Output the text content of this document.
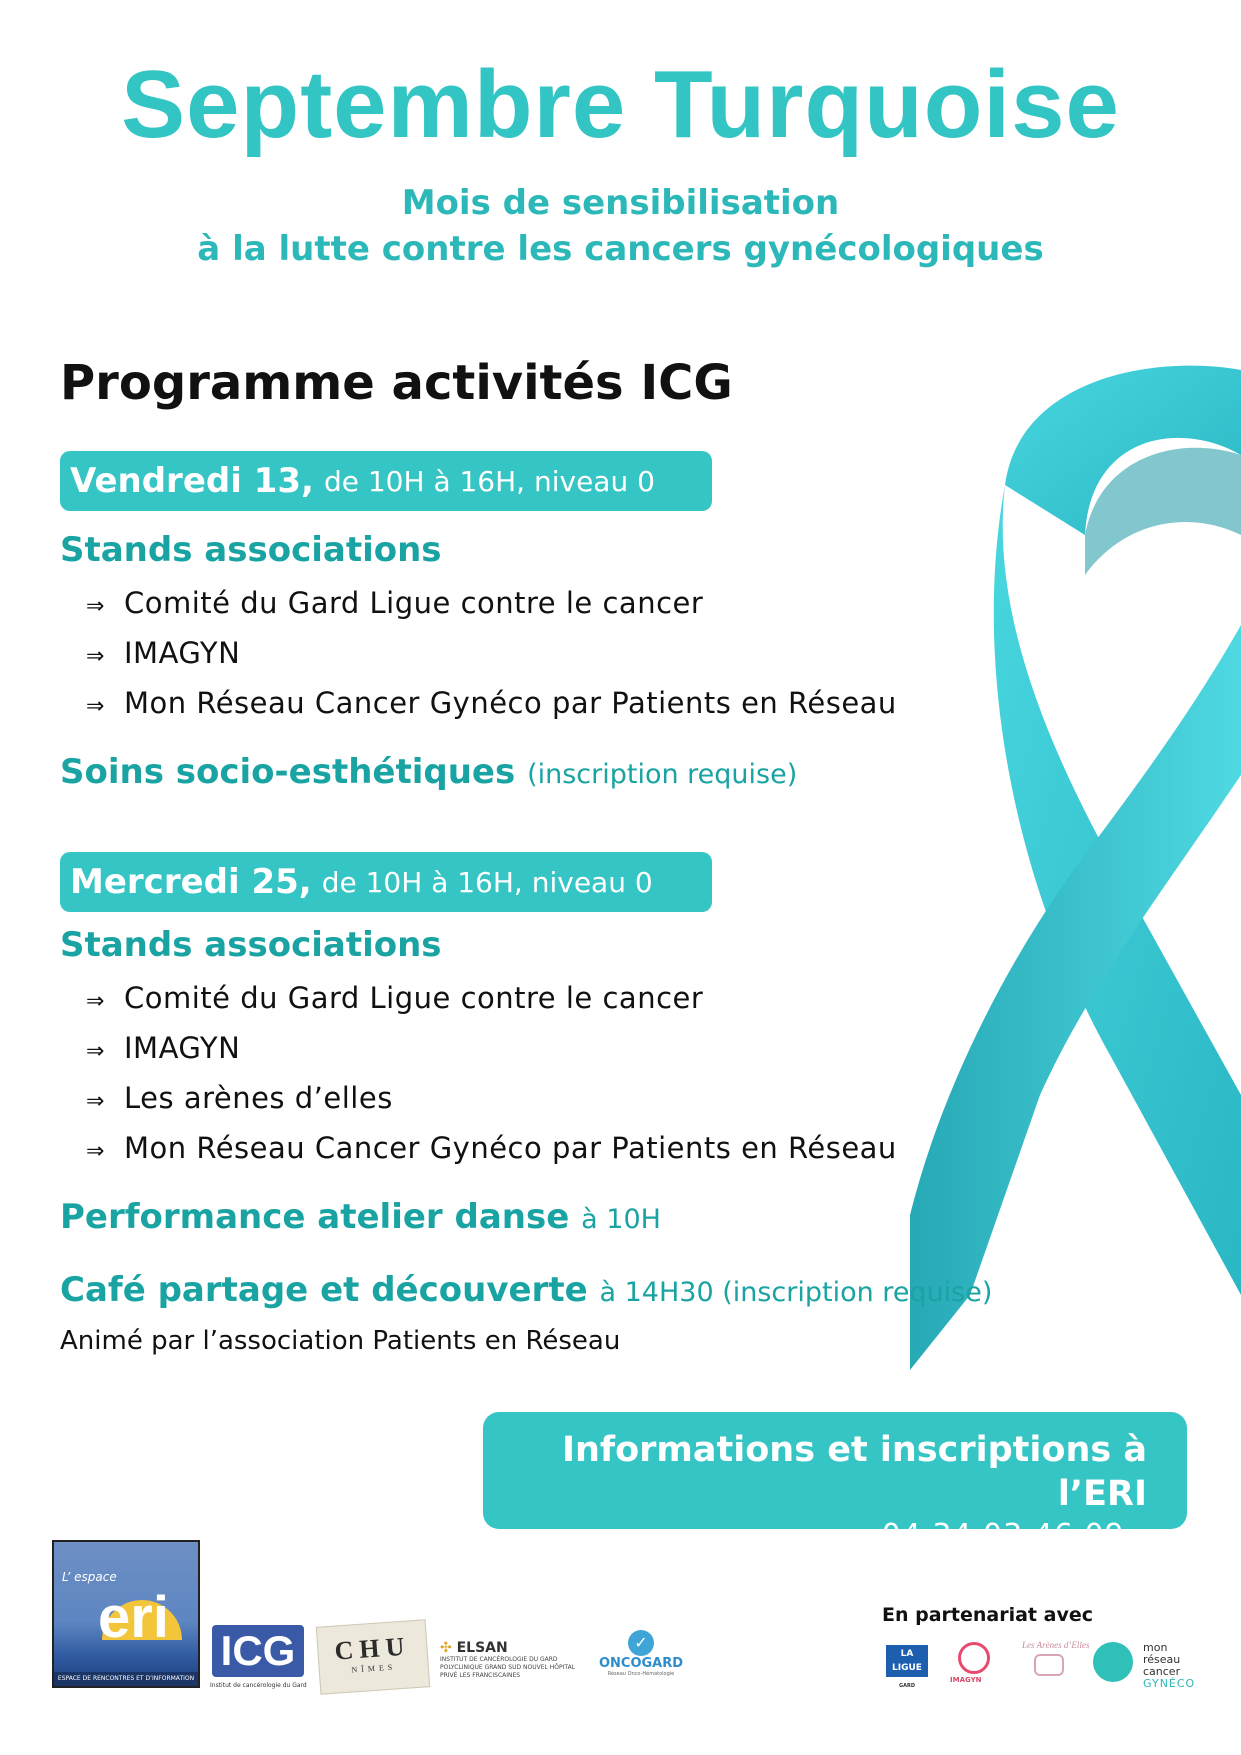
Septembre Turquoise
Mois de sensibilisation
à la lutte contre les cancers gynécologiques
Programme activités ICG
Vendredi 13, de 10H à 16H, niveau 0
Stands associations
⇒ Comité du Gard Ligue contre le cancer
⇒ IMAGYN
⇒ Mon Réseau Cancer Gynéco par Patients en Réseau
Soins socio-esthétiques (inscription requise)
Mercredi 25, de 10H à 16H, niveau 0
Stands associations
⇒ Comité du Gard Ligue contre le cancer
⇒ IMAGYN
⇒ Les arènes d’elles
⇒ Mon Réseau Cancer Gynéco par Patients en Réseau
Performance atelier danse à 10H
Café partage et découverte à 14H30 (inscription requise)
Animé par l’association Patients en Réseau
Informations et inscriptions à l’ERI
04 34 03 46 09 - contact.eri30@gmail.com
L’ espace
eri
ESPACE DE RENCONTRES ET D’INFORMATION
ICG
Institut de cancérologie du Gard
CHU
NÎMES
✣ ELSAN
INSTITUT DE CANCÉROLOGIE DU GARD POLYCLINIQUE GRAND SUD NOUVEL HÔPITAL PRIVÉ LES FRANCISCAINES
✓
ONCOGARD
Réseau Onco-Hématologie
En partenariat avec
LA LIGUE
GARD
IMAGYN
Les Arènes d’Elles	mon
réseau
cancer
GYNÉCO
